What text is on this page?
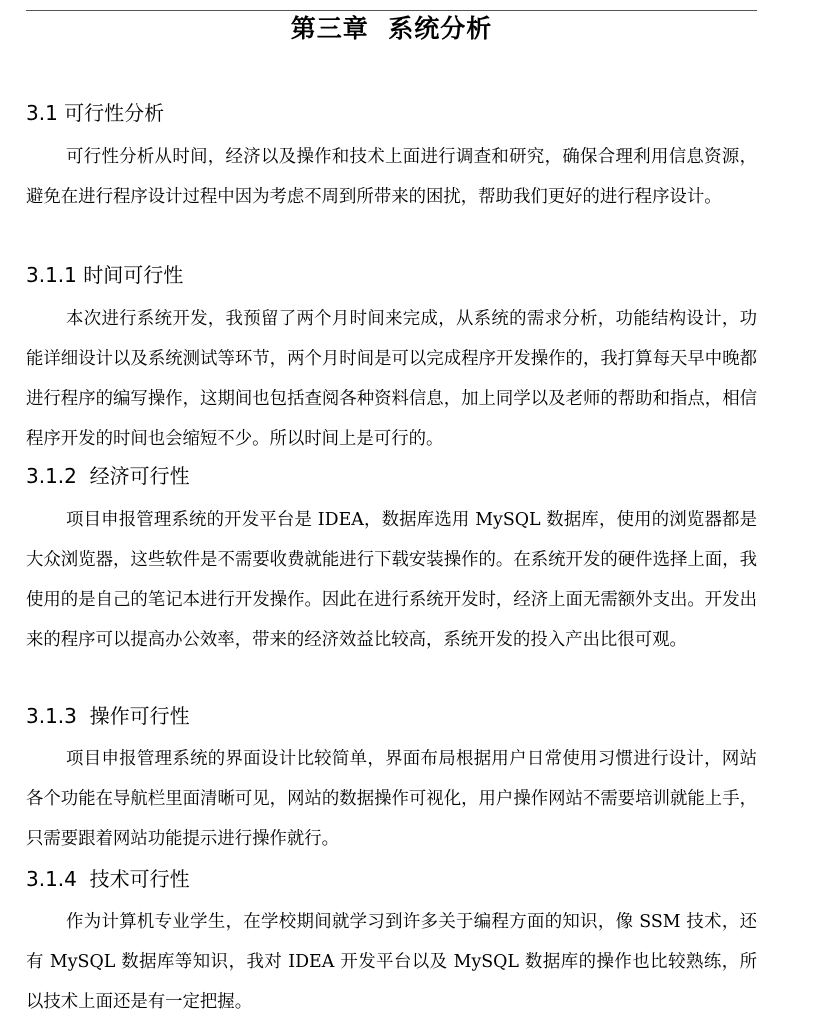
第三章  系统分析
3.1 可行性分析

可行性分析从时间，经济以及操作和技术上面进行调查和研究，确保合理利用信息资源，避免在进行程序设计过程中因为考虑不周到所带来的困扰，帮助我们更好的进行程序设计。

3.1.1 时间可行性

本次进行系统开发，我预留了两个月时间来完成，从系统的需求分析，功能结构设计，功能详细设计以及系统测试等环节，两个月时间是可以完成程序开发操作的，我打算每天早中晚都进行程序的编写操作，这期间也包括查阅各种资料信息，加上同学以及老师的帮助和指点，相信程序开发的时间也会缩短不少。所以时间上是可行的。

3.1.2  经济可行性

项目申报管理系统的开发平台是 IDEA，数据库选用 MySQL 数据库，使用的浏览器都是大众浏览器，这些软件是不需要收费就能进行下载安装操作的。在系统开发的硬件选择上面，我使用的是自己的笔记本进行开发操作。因此在进行系统开发时，经济上面无需额外支出。开发出来的程序可以提高办公效率，带来的经济效益比较高，系统开发的投入产出比很可观。

3.1.3  操作可行性

项目申报管理系统的界面设计比较简单，界面布局根据用户日常使用习惯进行设计，网站各个功能在导航栏里面清晰可见，网站的数据操作可视化，用户操作网站不需要培训就能上手，只需要跟着网站功能提示进行操作就行。

3.1.4  技术可行性

作为计算机专业学生，在学校期间就学习到许多关于编程方面的知识，像 SSM 技术，还有 MySQL 数据库等知识，我对 IDEA 开发平台以及 MySQL 数据库的操作也比较熟练，所以技术上面还是有一定把握。
